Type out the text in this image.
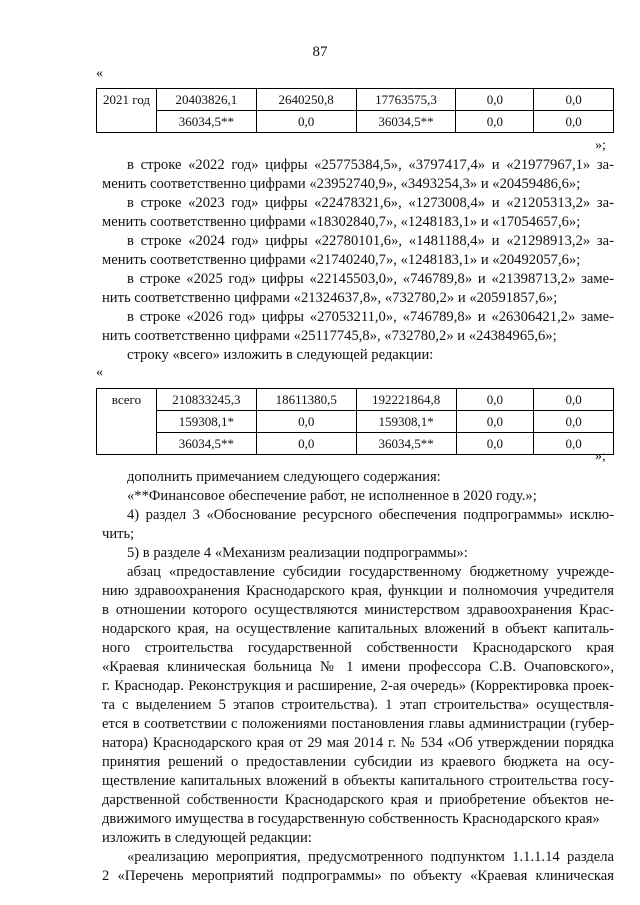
87
«
2021 год	20403826,1	2640250,8	17763575,3	0,0	0,0
	36034,5**	0,0	36034,5**	0,0	0,0
»;
в строке «2022 год» цифры «25775384,5», «3797417,4» и «21977967,1» за-
менить соответственно цифрами «23952740,9», «3493254,3» и «20459486,6»;
в строке «2023 год» цифры «22478321,6», «1273008,4» и «21205313,2» за-
менить соответственно цифрами «18302840,7», «1248183,1» и «17054657,6»;
в строке «2024 год» цифры «22780101,6», «1481188,4» и «21298913,2» за-
менить соответственно цифрами «21740240,7», «1248183,1» и «20492057,6»;
в строке «2025 год» цифры «22145503,0», «746789,8» и «21398713,2» заме-
нить соответственно цифрами «21324637,8», «732780,2» и «20591857,6»;
в строке «2026 год» цифры «27053211,0», «746789,8» и «26306421,2» заме-
нить соответственно цифрами «25117745,8», «732780,2» и «24384965,6»;
строку «всего» изложить в следующей редакции:
«
всего	210833245,3	18611380,5	192221864,8	0,0	0,0
	159308,1*	0,0	159308,1*	0,0	0,0
	36034,5**	0,0	36034,5**	0,0	0,0
»;
дополнить примечанием следующего содержания:
«**Финансовое обеспечение работ, не исполненное в 2020 году.»;
4) раздел 3 «Обоснование ресурсного обеспечения подпрограммы» исклю-
чить;
5) в разделе 4 «Механизм реализации подпрограммы»:
абзац «предоставление субсидии государственному бюджетному учрежде-
нию здравоохранения Краснодарского края, функции и полномочия учредителя
в отношении которого осуществляются министерством здравоохранения Крас-
нодарского края, на осуществление капитальных вложений в объект капиталь-
ного строительства государственной собственности Краснодарского края
«Краевая клиническая больница № 1 имени профессора С.В. Очаповского»,
г. Краснодар. Реконструкция и расширение, 2-ая очередь» (Корректировка проек-
та с выделением 5 этапов строительства). 1 этап строительства» осуществля-
ется в соответствии с положениями постановления главы администрации (губер-
натора) Краснодарского края от 29 мая 2014 г. № 534 «Об утверждении порядка
принятия решений о предоставлении субсидии из краевого бюджета на осу-
ществление капитальных вложений в объекты капитального строительства госу-
дарственной собственности Краснодарского края и приобретение объектов не-
движимого имущества в государственную собственность Краснодарского края»
изложить в следующей редакции:
«реализацию мероприятия, предусмотренного подпунктом 1.1.1.14 раздела
2 «Перечень мероприятий подпрограммы» по объекту «Краевая клиническая
